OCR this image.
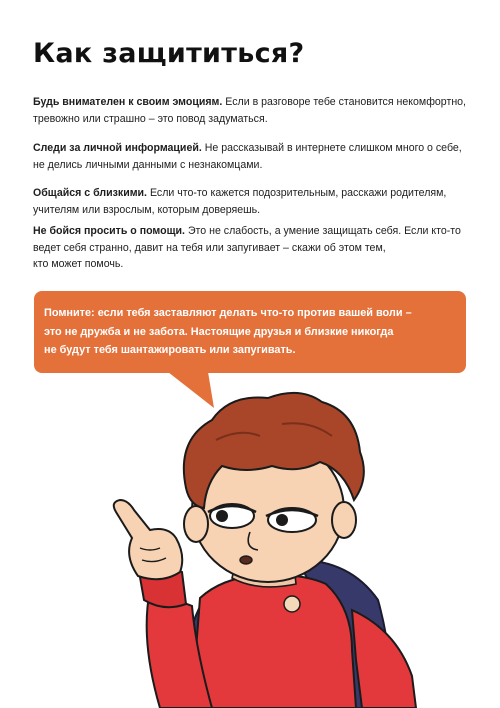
Как защититься?

Будь внимателен к своим эмоциям. Если в разговоре тебе становится некомфортно,
тревожно или страшно – это повод задуматься.

Следи за личной информацией. Не рассказывай в интернете слишком много о себе,
не делись личными данными с незнакомцами.

Общайся с близкими. Если что-то кажется подозрительным, расскажи родителям,
учителям или взрослым, которым доверяешь.

Не бойся просить о помощи. Это не слабость, а умение защищать себя. Если кто-то
ведет себя странно, давит на тебя или запугивает – скажи об этом тем,
кто может помочь.

Помните: если тебя заставляют делать что-то против вашей воли –
это не дружба и не забота. Настоящие друзья и близкие никогда
не будут тебя шантажировать или запугивать.
